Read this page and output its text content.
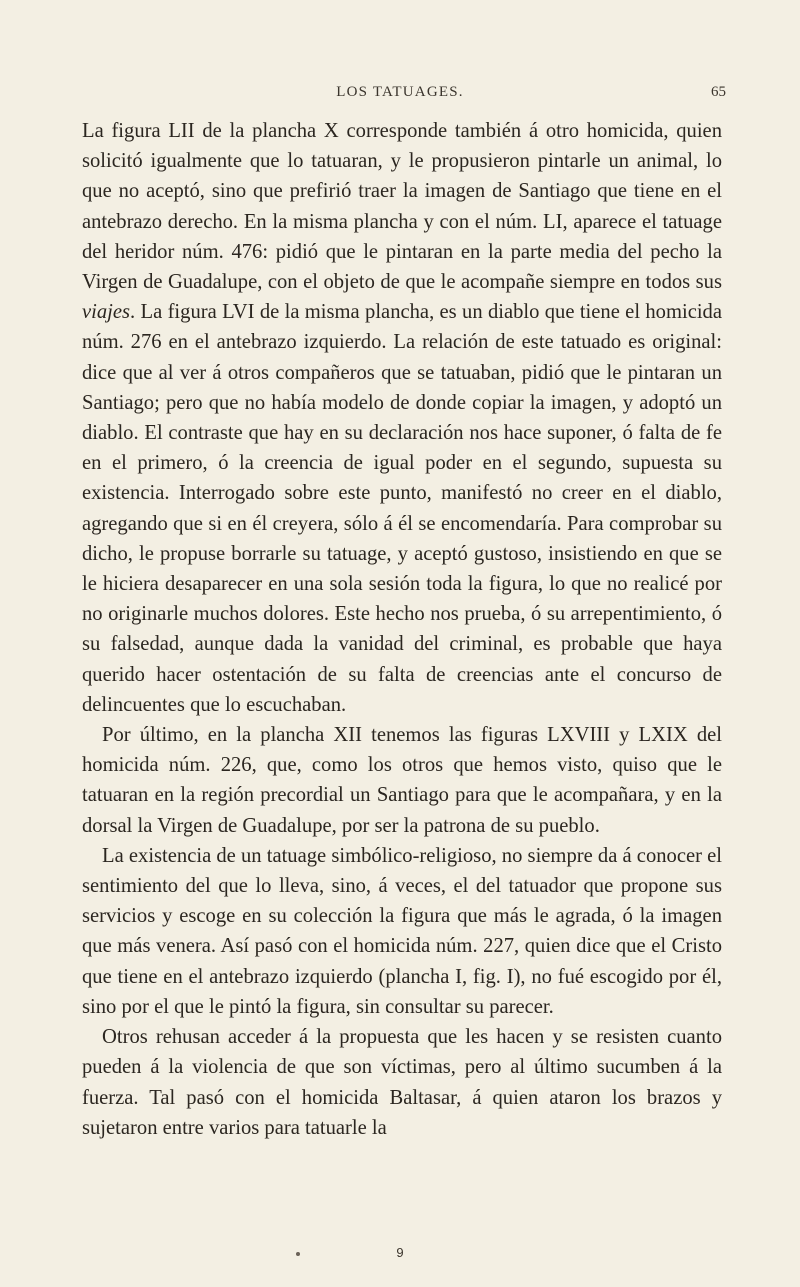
LOS TATUAGES.	65

La figura LII de la plancha X corresponde también á otro homicida, quien solicitó igualmente que lo tatuaran, y le propusieron pintarle un animal, lo que no aceptó, sino que prefirió traer la imagen de Santiago que tiene en el antebrazo derecho. En la misma plancha y con el núm. LI, aparece el tatuage del heridor núm. 476: pidió que le pintaran en la parte media del pecho la Virgen de Guadalupe, con el objeto de que le acompañe siempre en todos sus viajes. La figura LVI de la misma plancha, es un diablo que tiene el homicida núm. 276 en el antebrazo izquierdo. La relación de este tatuado es original: dice que al ver á otros compañeros que se tatuaban, pidió que le pintaran un Santiago; pero que no había modelo de donde copiar la imagen, y adoptó un diablo. El contraste que hay en su declaración nos hace suponer, ó falta de fe en el primero, ó la creencia de igual poder en el segundo, supuesta su existencia. Interrogado sobre este punto, manifestó no creer en el diablo, agregando que si en él creyera, sólo á él se encomendaría. Para comprobar su dicho, le propuse borrarle su tatuage, y aceptó gustoso, insistiendo en que se le hiciera desaparecer en una sola sesión toda la figura, lo que no realicé por no originarle muchos dolores. Este hecho nos prueba, ó su arrepentimiento, ó su falsedad, aunque dada la vanidad del criminal, es probable que haya querido hacer ostentación de su falta de creencias ante el concurso de delincuentes que lo escuchaban.

Por último, en la plancha XII tenemos las figuras LXVIII y LXIX del homicida núm. 226, que, como los otros que hemos visto, quiso que le tatuaran en la región precordial un Santiago para que le acompañara, y en la dorsal la Virgen de Guadalupe, por ser la patrona de su pueblo.

La existencia de un tatuage simbólico-religioso, no siempre da á conocer el sentimiento del que lo lleva, sino, á veces, el del tatuador que propone sus servicios y escoge en su colección la figura que más le agrada, ó la imagen que más venera. Así pasó con el homicida núm. 227, quien dice que el Cristo que tiene en el antebrazo izquierdo (plancha I, fig. I), no fué escogido por él, sino por el que le pintó la figura, sin consultar su parecer.

Otros rehusan acceder á la propuesta que les hacen y se resisten cuanto pueden á la violencia de que son víctimas, pero al último sucumben á la fuerza. Tal pasó con el homicida Baltasar, á quien ataron los brazos y sujetaron entre varios para tatuarle la

9
